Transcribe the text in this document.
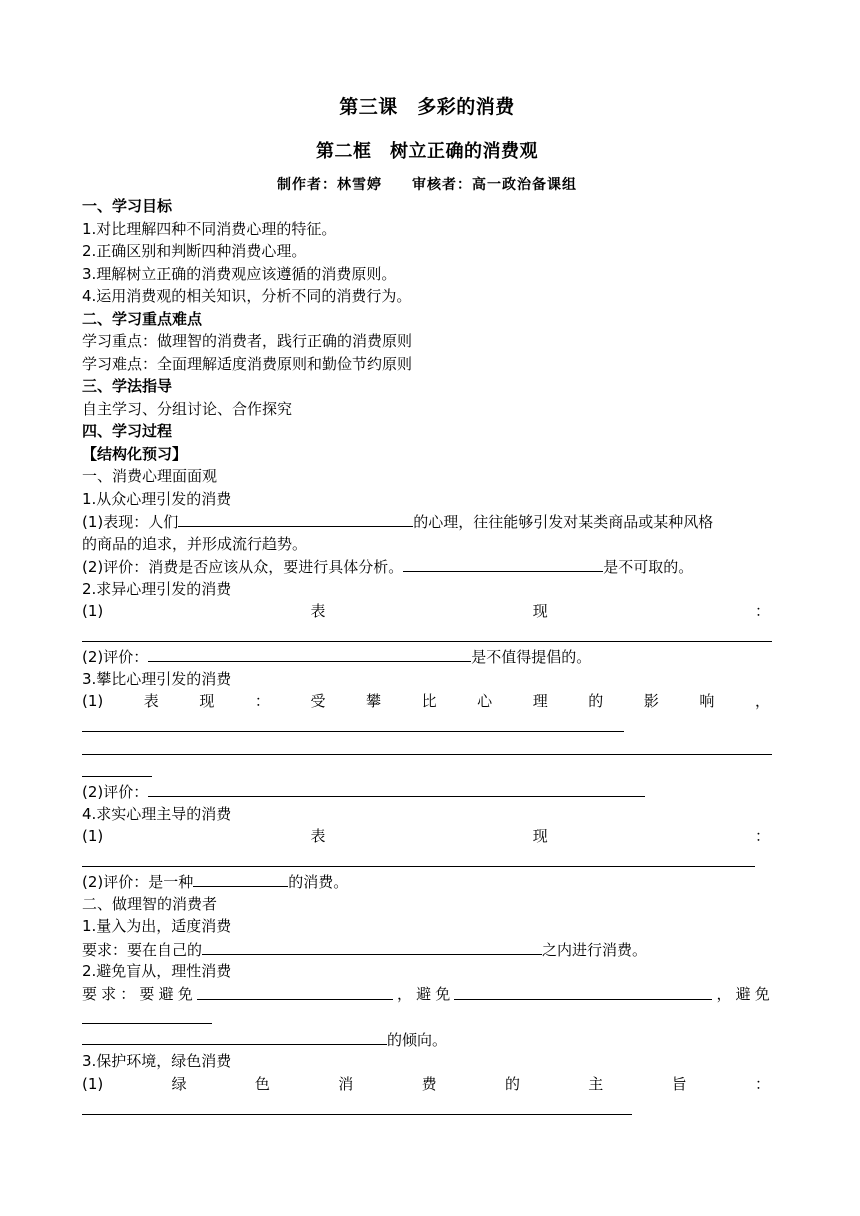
第三课　多彩的消费
第二框　树立正确的消费观
制作者：林雪婷　　审核者：高一政治备课组
一、学习目标
1.对比理解四种不同消费心理的特征。
2.正确区别和判断四种消费心理。
3.理解树立正确的消费观应该遵循的消费原则。
4.运用消费观的相关知识，分析不同的消费行为。
二、学习重点难点
学习重点：做理智的消费者，践行正确的消费原则
学习难点：全面理解适度消费原则和勤俭节约原则
三、学法指导
自主学习、分组讨论、合作探究
四、学习过程
【结构化预习】
一、消费心理面面观
1.从众心理引发的消费
(1)表现：人们	的心理，往往能够引发对某类商品或某种风格
的商品的追求，并形成流行趋势。
(2)评价：消费是否应该从众，要进行具体分析。	是不可取的。
2.求异心理引发的消费
(1)	表	现	：
(2)评价：	是不值得提倡的。
3.攀比心理引发的消费
(1)	表	现	：	受	攀	比	心	理	的	影	响	，
(2)评价：
4.求实心理主导的消费
(1)	表	现	：
(2)评价：是一种	的消费。
二、做理智的消费者
1.量入为出，适度消费
要求：要在自己的	之内进行消费。
2.避免盲从，理性消费
要 求 ： 要 避 免	， 避 免	， 避 免
的倾向。
3.保护环境，绿色消费
(1)	绿	色	消	费	的	主	旨	：
